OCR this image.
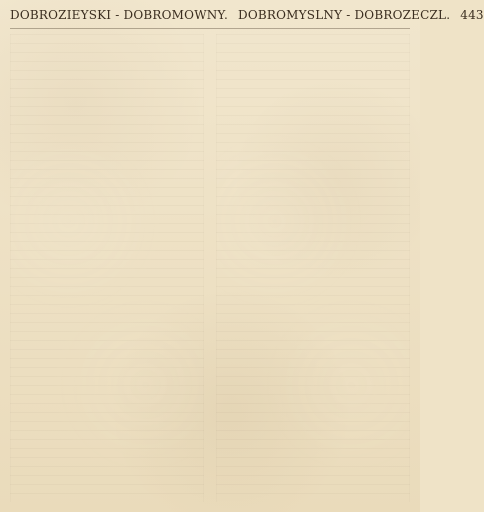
DOBROZIEYSKI - DOBROMOWNY. DOBROMYSLNY - DOBROZECZL. 443
